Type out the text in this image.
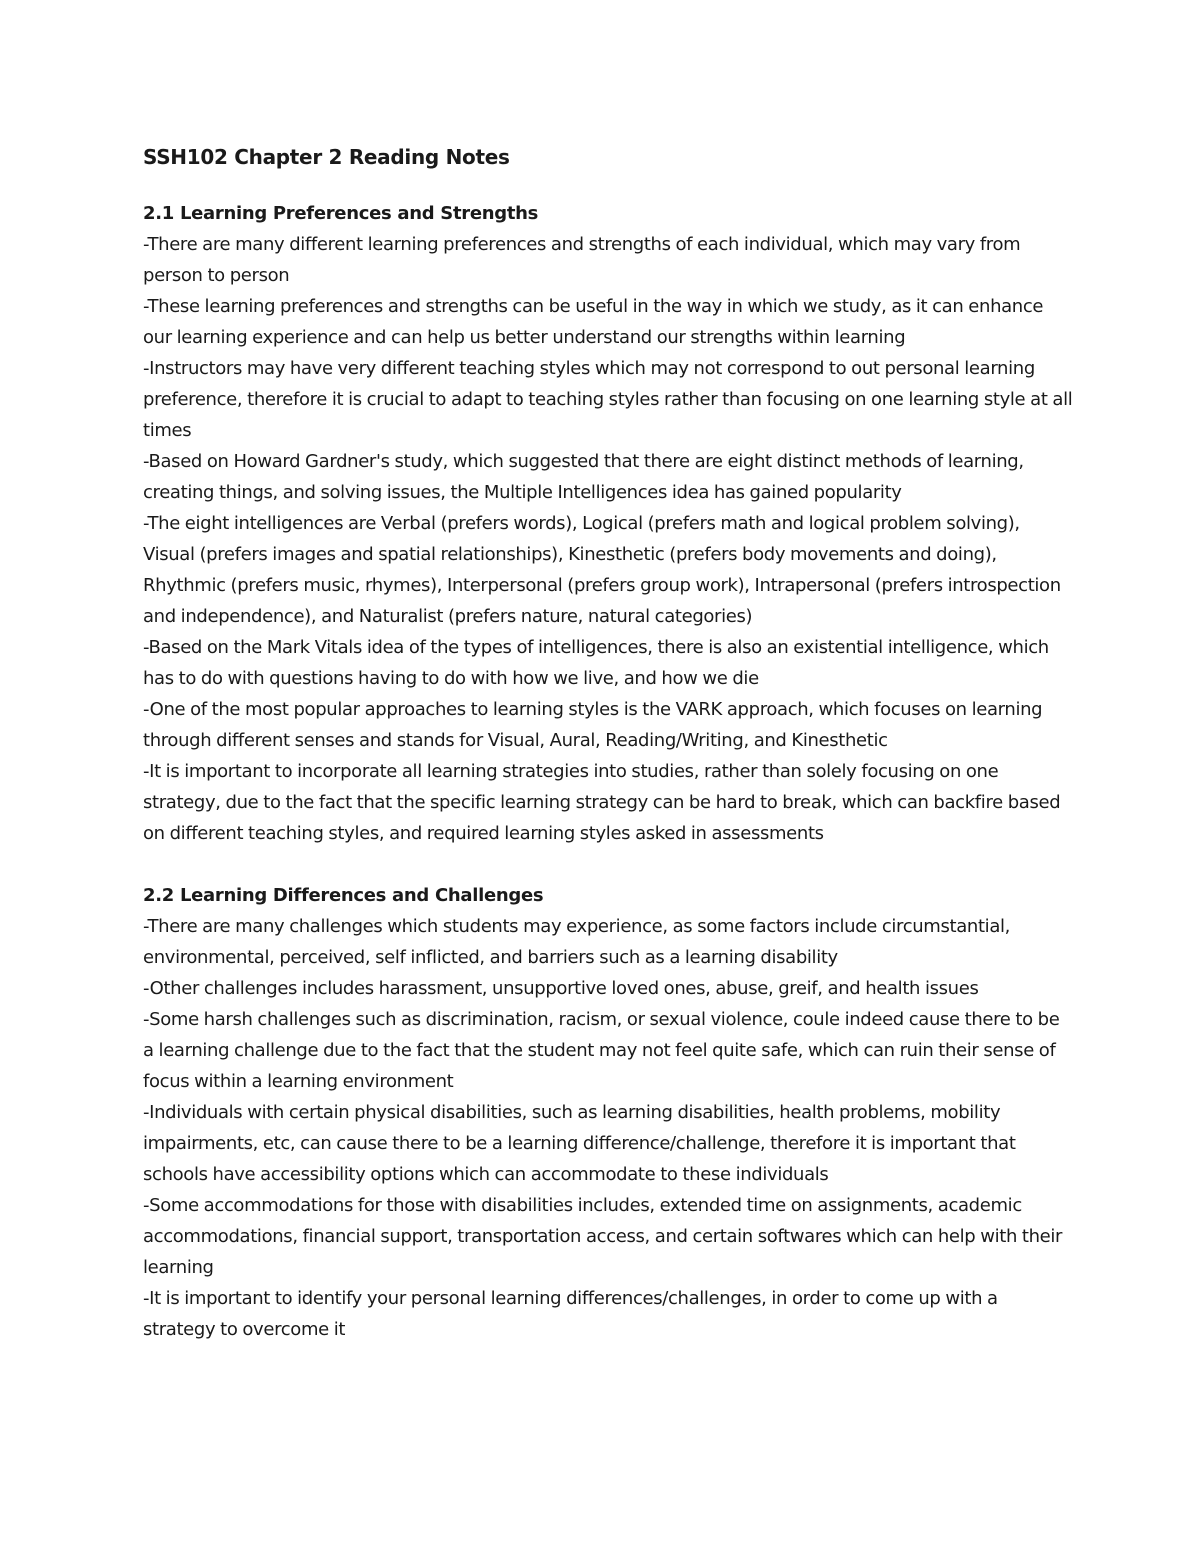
SSH102 Chapter 2 Reading Notes
2.1 Learning Preferences and Strengths

-There are many different learning preferences and strengths of each individual, which may vary from person to person

-These learning preferences and strengths can be useful in the way in which we study, as it can enhance our learning experience and can help us better understand our strengths within learning

-Instructors may have very different teaching styles which may not correspond to out personal learning preference, therefore it is crucial to adapt to teaching styles rather than focusing on one learning style at all times

-Based on Howard Gardner's study, which suggested that there are eight distinct methods of learning, creating things, and solving issues, the Multiple Intelligences idea has gained popularity

-The eight intelligences are Verbal (prefers words), Logical (prefers math and logical problem solving), Visual (prefers images and spatial relationships), Kinesthetic (prefers body movements and doing), Rhythmic (prefers music, rhymes), Interpersonal (prefers group work), Intrapersonal (prefers introspection and independence), and Naturalist (prefers nature, natural categories)

-Based on the Mark Vitals idea of the types of intelligences, there is also an existential intelligence, which has to do with questions having to do with how we live, and how we die

-One of the most popular approaches to learning styles is the VARK approach, which focuses on learning through different senses and stands for Visual, Aural, Reading/Writing, and Kinesthetic

-It is important to incorporate all learning strategies into studies, rather than solely focusing on one strategy, due to the fact that the specific learning strategy can be hard to break, which can backfire based on different teaching styles, and required learning styles asked in assessments

2.2 Learning Differences and Challenges

-There are many challenges which students may experience, as some factors include circumstantial, environmental, perceived, self inflicted, and barriers such as a learning disability

-Other challenges includes harassment, unsupportive loved ones, abuse, greif, and health issues

-Some harsh challenges such as discrimination, racism, or sexual violence, coule indeed cause there to be a learning challenge due to the fact that the student may not feel quite safe, which can ruin their sense of focus within a learning environment

-Individuals with certain physical disabilities, such as learning disabilities, health problems, mobility impairments, etc, can cause there to be a learning difference/challenge, therefore it is important that schools have accessibility options which can accommodate to these individuals

-Some accommodations for those with disabilities includes, extended time on assignments, academic accommodations, financial support, transportation access, and certain softwares which can help with their learning

-It is important to identify your personal learning differences/challenges, in order to come up with a strategy to overcome it
